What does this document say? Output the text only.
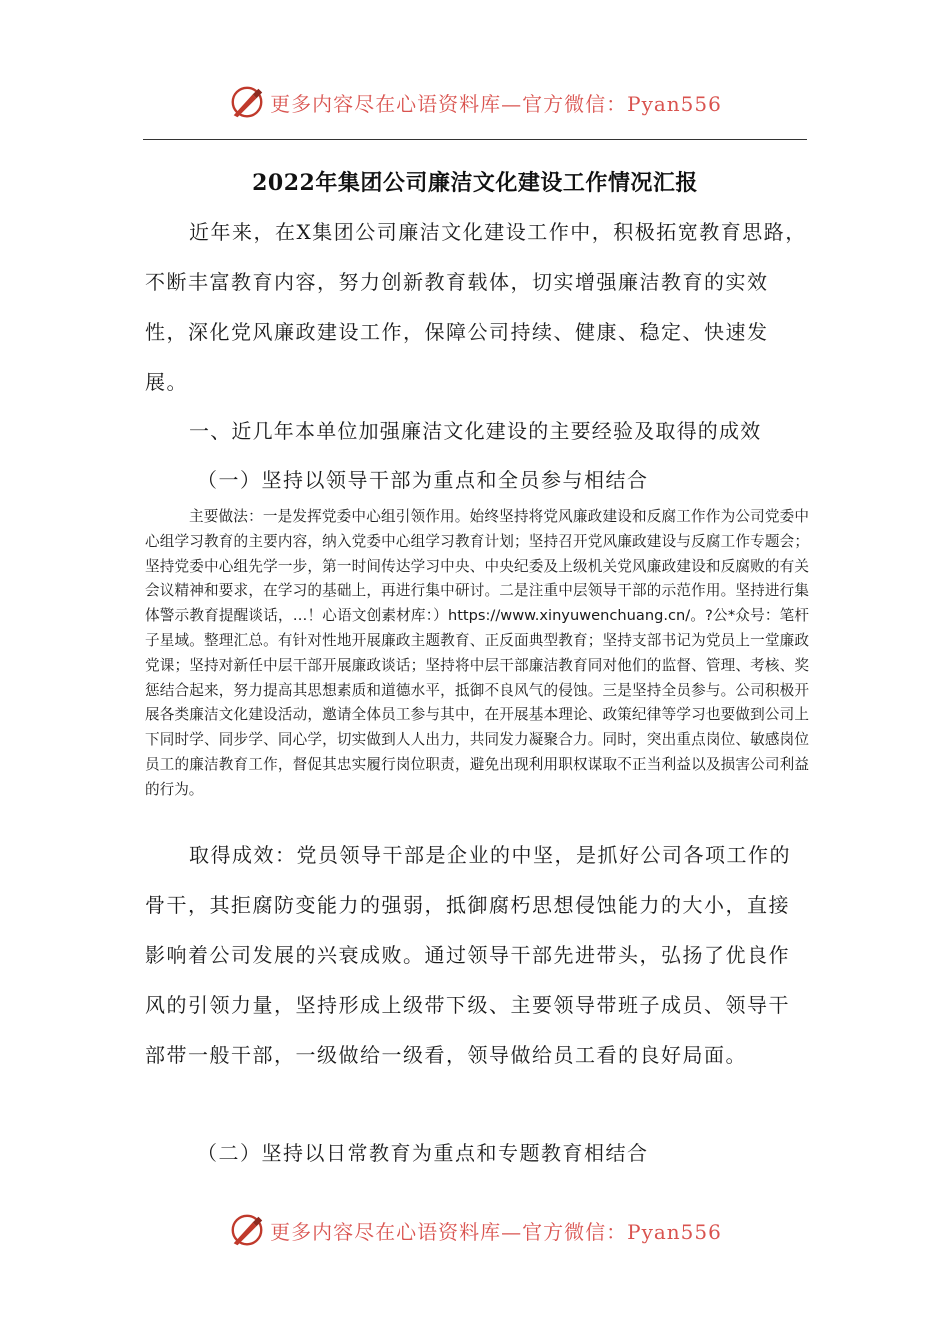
更多内容尽在心语资料库—官方微信：Pyan556
2022年集团公司廉洁文化建设工作情况汇报

近年来，在X集团公司廉洁文化建设工作中，积极拓宽教育思路，不断丰富教育内容，努力创新教育载体，切实增强廉洁教育的实效性，深化党风廉政建设工作，保障公司持续、健康、稳定、快速发展。

一、近几年本单位加强廉洁文化建设的主要经验及取得的成效

（一）坚持以领导干部为重点和全员参与相结合

主要做法：一是发挥党委中心组引领作用。始终坚持将党风廉政建设和反腐工作作为公司党委中心组学习教育的主要内容，纳入党委中心组学习教育计划；坚持召开党风廉政建设与反腐工作专题会；坚持党委中心组先学一步，第一时间传达学习中央、中央纪委及上级机关党风廉政建设和反腐败的有关会议精神和要求，在学习的基础上，再进行集中研讨。二是注重中层领导干部的示范作用。坚持进行集体警示教育提醒谈话，…！心语文创素材库：）https://www.xinyuwenchuang.cn/。?公*众号：笔杆子星域。整理汇总。有针对性地开展廉政主题教育、正反面典型教育；坚持支部书记为党员上一堂廉政党课；坚持对新任中层干部开展廉政谈话；坚持将中层干部廉洁教育同对他们的监督、管理、考核、奖惩结合起来，努力提高其思想素质和道德水平，抵御不良风气的侵蚀。三是坚持全员参与。公司积极开展各类廉洁文化建设活动，邀请全体员工参与其中，在开展基本理论、政策纪律等学习也要做到公司上下同时学、同步学、同心学，切实做到人人出力，共同发力凝聚合力。同时，突出重点岗位、敏感岗位员工的廉洁教育工作，督促其忠实履行岗位职责，避免出现利用职权谋取不正当利益以及损害公司利益的行为。

取得成效：党员领导干部是企业的中坚，是抓好公司各项工作的骨干，其拒腐防变能力的强弱，抵御腐朽思想侵蚀能力的大小，直接影响着公司发展的兴衰成败。通过领导干部先进带头，弘扬了优良作风的引领力量，坚持形成上级带下级、主要领导带班子成员、领导干部带一般干部，一级做给一级看，领导做给员工看的良好局面。

（二）坚持以日常教育为重点和专题教育相结合

更多内容尽在心语资料库—官方微信：Pyan556
